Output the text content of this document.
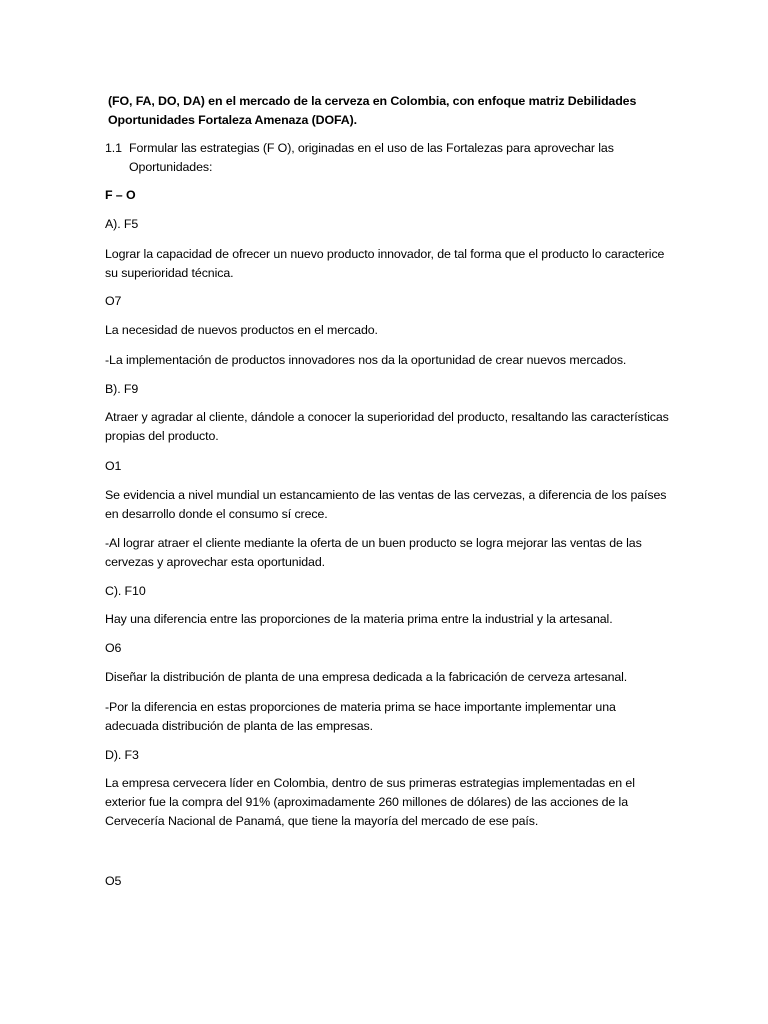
(FO, FA, DO, DA) en el mercado de la cerveza en Colombia, con enfoque matriz Debilidades Oportunidades Fortaleza Amenaza (DOFA).

1.1 Formular las estrategias (F O), originadas en el uso de las Fortalezas para aprovechar las
Oportunidades:

F – O

A). F5

Lograr la capacidad de ofrecer un nuevo producto innovador, de tal forma que el producto lo caracterice su superioridad técnica.

O7

La necesidad de nuevos productos en el mercado.

-La implementación de productos innovadores nos da la oportunidad de crear nuevos mercados.

B). F9

Atraer y agradar al cliente, dándole a conocer la superioridad del producto, resaltando las características propias del producto.

O1

Se evidencia a nivel mundial un estancamiento de las ventas de las cervezas, a diferencia de los países en desarrollo donde el consumo sí crece.

-Al lograr atraer el cliente mediante la oferta de un buen producto se logra mejorar las ventas de las cervezas y aprovechar esta oportunidad.

C). F10

Hay una diferencia entre las proporciones de la materia prima entre la industrial y la artesanal.

O6

Diseñar la distribución de planta de una empresa dedicada a la fabricación de cerveza artesanal.

-Por la diferencia en estas proporciones de materia prima se hace importante implementar una adecuada distribución de planta de las empresas.

D). F3

La empresa cervecera líder en Colombia, dentro de sus primeras estrategias implementadas en el exterior fue la compra del 91% (aproximadamente 260 millones de dólares) de las acciones de la Cervecería Nacional de Panamá, que tiene la mayoría del mercado de ese país.

O5
